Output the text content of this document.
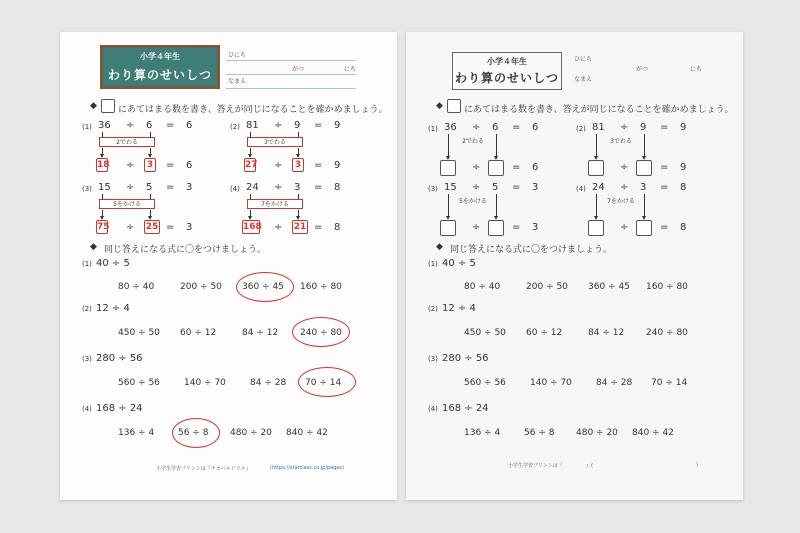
小学４年生
わり算のせいしつ
ひにち
がつ	にち
なまえ
◆ にあてはまる数を書き、答えが同じになることを確かめましょう。
(1) 36 ÷ 6 = 6
2でわる
18 ÷ 3 = 6
(2) 81 ÷ 9 = 9
3でわる
27 ÷ 3 = 9
(3) 15 ÷ 5 = 3
5をかける
75 ÷ 25 = 3
(4) 24 ÷ 3 = 8
7をかける
168 ÷ 21 = 8
◆ 同じ答えになる式に〇をつけましょう。
(1) 40 ÷ 5
80 ÷ 40	200 ÷ 50 360 ÷ 45 160 ÷ 80
(2) 12 ÷ 4
450 ÷ 50 60 ÷ 12	84 ÷ 12 240 ÷ 80
(3) 280 ÷ 56
560 ÷ 56	140 ÷ 70	84 ÷ 28 70 ÷ 14
(4) 168 ÷ 24
136 ÷ 4	56 ÷ 8 480 ÷ 20 840 ÷ 42
小学生学習プリントは『チカペルドリル』	(https://starclass.co.jp/pages)
小学４年生
わり算のせいしつ
ひにち
がつ	にち
なまえ
◆ にあてはまる数を書き、答えが同じになることを確かめましょう。
(1) 36 ÷ 6 = 6
2でわる
÷	= 6
(2) 81 ÷ 9 = 9
3でわる
÷	= 9
(3) 15 ÷ 5 = 3
5をかける
÷	= 3
(4) 24 ÷ 3 = 8
7をかける
÷	= 8
◆ 同じ答えになる式に〇をつけましょう。
(1) 40 ÷ 5
80 ÷ 40	200 ÷ 50 360 ÷ 45 160 ÷ 80
(2) 12 ÷ 4
450 ÷ 50 60 ÷ 12	84 ÷ 12 240 ÷ 80
(3) 280 ÷ 56
560 ÷ 56	140 ÷ 70	84 ÷ 28 70 ÷ 14
(4) 168 ÷ 24
136 ÷ 4	56 ÷ 8 480 ÷ 20 840 ÷ 42
小学生学習プリントは『	』(	)
